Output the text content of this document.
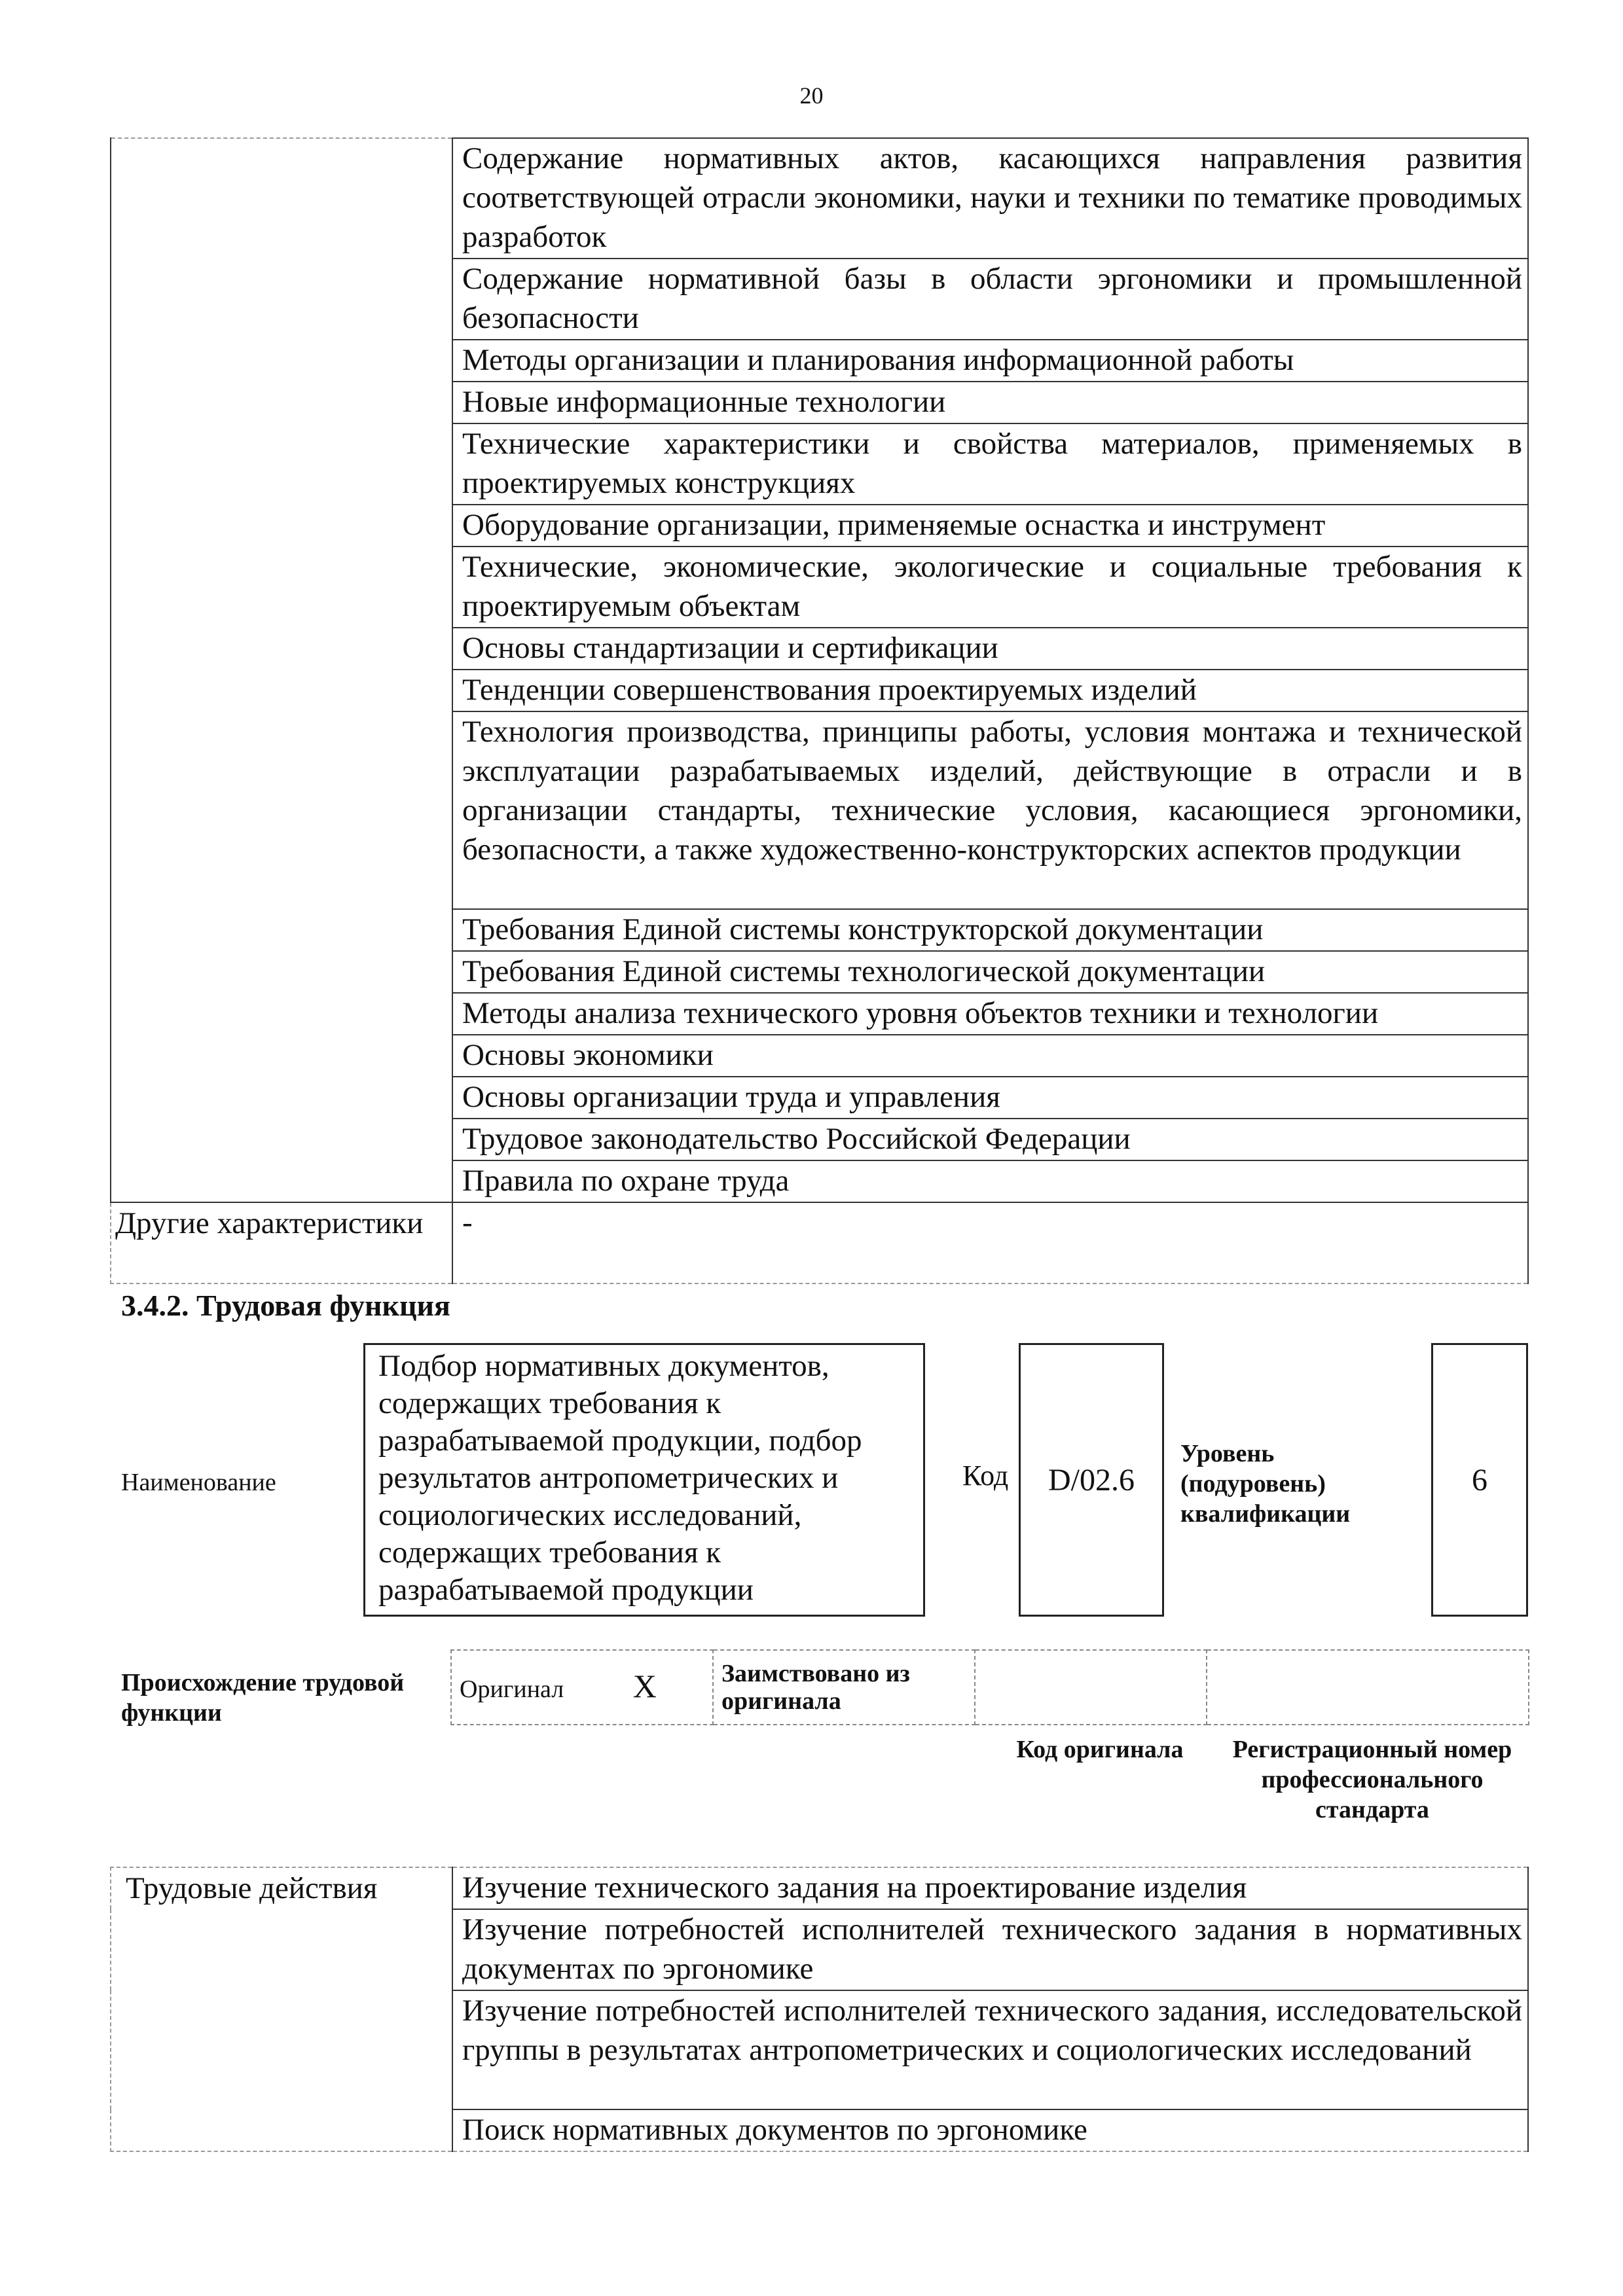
20
	Содержание нормативных актов, касающихся направления развития соответствующей отрасли экономики, науки и техники по тематике проводимых разработок
	Содержание нормативной базы в области эргономики и промышленной безопасности
	Методы организации и планирования информационной работы
	Новые информационные технологии
	Технические характеристики и свойства материалов, применяемых в проектируемых конструкциях
	Оборудование организации, применяемые оснастка и инструмент
	Технические, экономические, экологические и социальные требования к проектируемым объектам
	Основы стандартизации и сертификации
	Тенденции совершенствования проектируемых изделий
	Технология производства, принципы работы, условия монтажа и технической эксплуатации разрабатываемых изделий, действующие в отрасли и в организации стандарты, технические условия, касающиеся эргономики, безопасности, а также художественно-конструкторских аспектов продукции
	Требования Единой системы конструкторской документации
	Требования Единой системы технологической документации
	Методы анализа технического уровня объектов техники и технологии
	Основы экономики
	Основы организации труда и управления
	Трудовое законодательство Российской Федерации
	Правила по охране труда
Другие характеристики	-
3.4.2. Трудовая функция
Наименование
Подбор нормативных документов, содержащих требования к разрабатываемой продукции, подбор результатов антропометрических и социологических исследований, содержащих требования к разрабатываемой продукции
Код	D/02.6
Уровень (подуровень) квалификации
6
Происхождение трудовой функции
Оригинал X	Заимствовано из оригинала		
Код оригинала	Регистрационный номер профессионального стандарта
Трудовые действия	Изучение технического задания на проектирование изделия
Изучение потребностей исполнителей технического задания в нормативных документах по эргономике
Изучение потребностей исполнителей технического задания, исследовательской группы в результатах антропометрических и социологических исследований
Поиск нормативных документов по эргономике
